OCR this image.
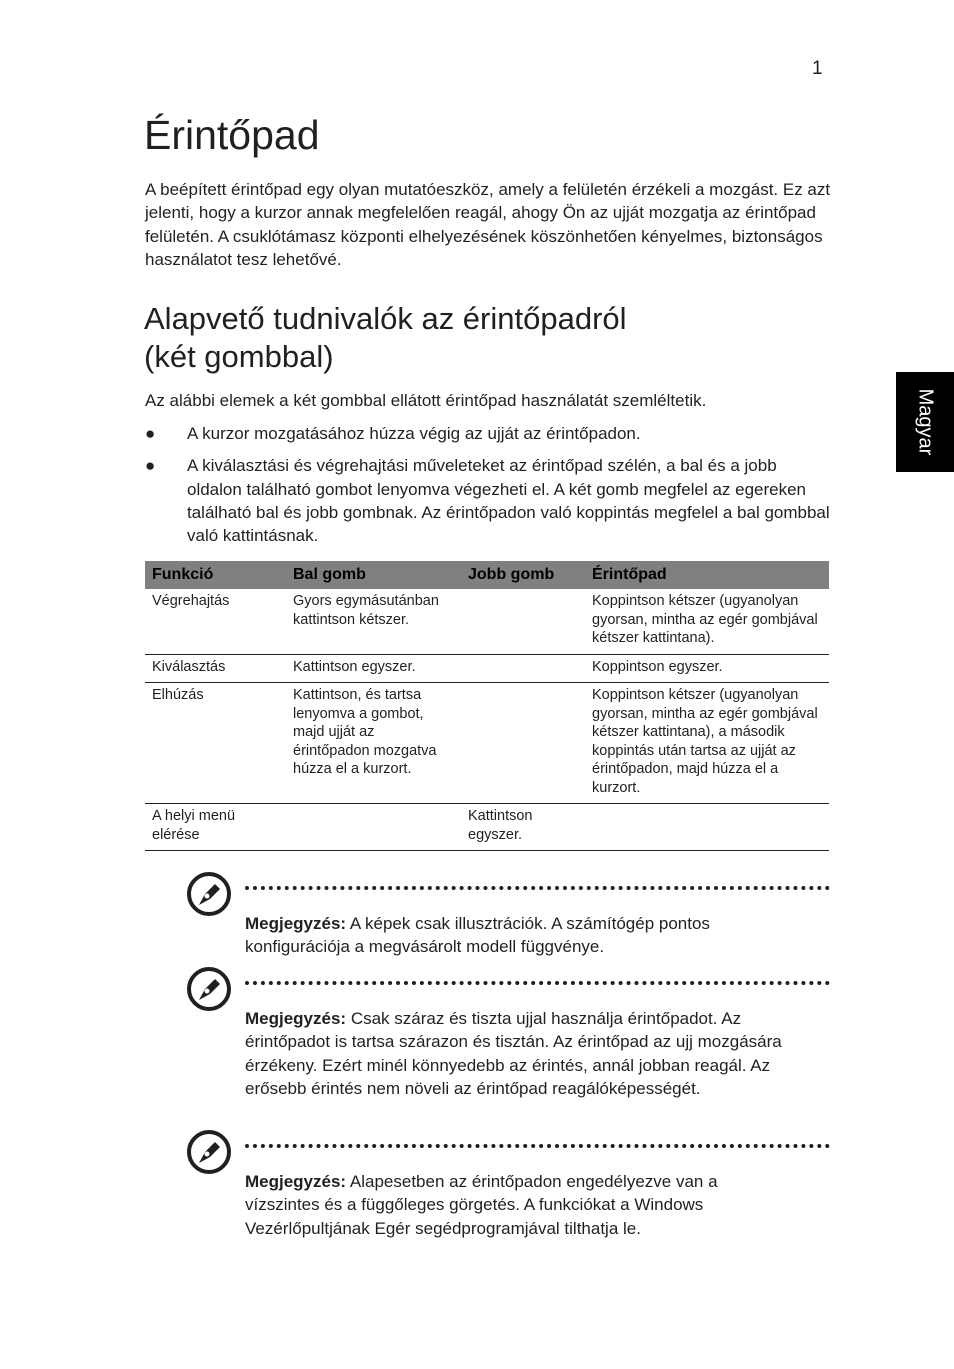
1
Érintőpad

A beépített érintőpad egy olyan mutatóeszköz, amely a felületén érzékeli a mozgást. Ez azt jelenti, hogy a kurzor annak megfelelően reagál, ahogy Ön az ujját mozgatja az érintőpad felületén. A csuklótámasz központi elhelyezésének köszönhetően kényelmes, biztonságos használatot tesz lehetővé.

Alapvető tudnivalók az érintőpadról
(két gombbal)

Az alábbi elemek a két gombbal ellátott érintőpad használatát szemléltetik.

● A kurzor mozgatásához húzza végig az ujját az érintőpadon.
● A kiválasztási és végrehajtási műveleteket az érintőpad szélén, a bal és a jobb oldalon található gombot lenyomva végezheti el. A két gomb megfelel az egereken található bal és jobb gombnak. Az érintőpadon való koppintás megfelel a bal gombbal való kattintásnak.
Magyar
Funkció	Bal gomb	Jobb gomb	Érintőpad
Végrehajtás	Gyors egymásutánban kattintson kétszer.		Koppintson kétszer (ugyanolyan gyorsan, mintha az egér gombjával kétszer kattintana).
Kiválasztás	Kattintson egyszer.		Koppintson egyszer.
Elhúzás	Kattintson, és tartsa lenyomva a gombot, majd ujját az érintőpadon mozgatva húzza el a kurzort.		Koppintson kétszer (ugyanolyan gyorsan, mintha az egér gombjával kétszer kattintana), a második koppintás után tartsa az ujját az érintőpadon, majd húzza el a kurzort.
A helyi menü elérése		Kattintson egyszer.	

Megjegyzés: A képek csak illusztrációk. A számítógép pontos konfigurációja a megvásárolt modell függvénye.

Megjegyzés: Csak száraz és tiszta ujjal használja érintőpadot. Az érintőpadot is tartsa szárazon és tisztán. Az érintőpad az ujj mozgására érzékeny. Ezért minél könnyedebb az érintés, annál jobban reagál. Az erősebb érintés nem növeli az érintőpad reagálóképességét.

Megjegyzés: Alapesetben az érintőpadon engedélyezve van a vízszintes és a függőleges görgetés. A funkciókat a Windows Vezérlőpultjának Egér segédprogramjával tilthatja le.
